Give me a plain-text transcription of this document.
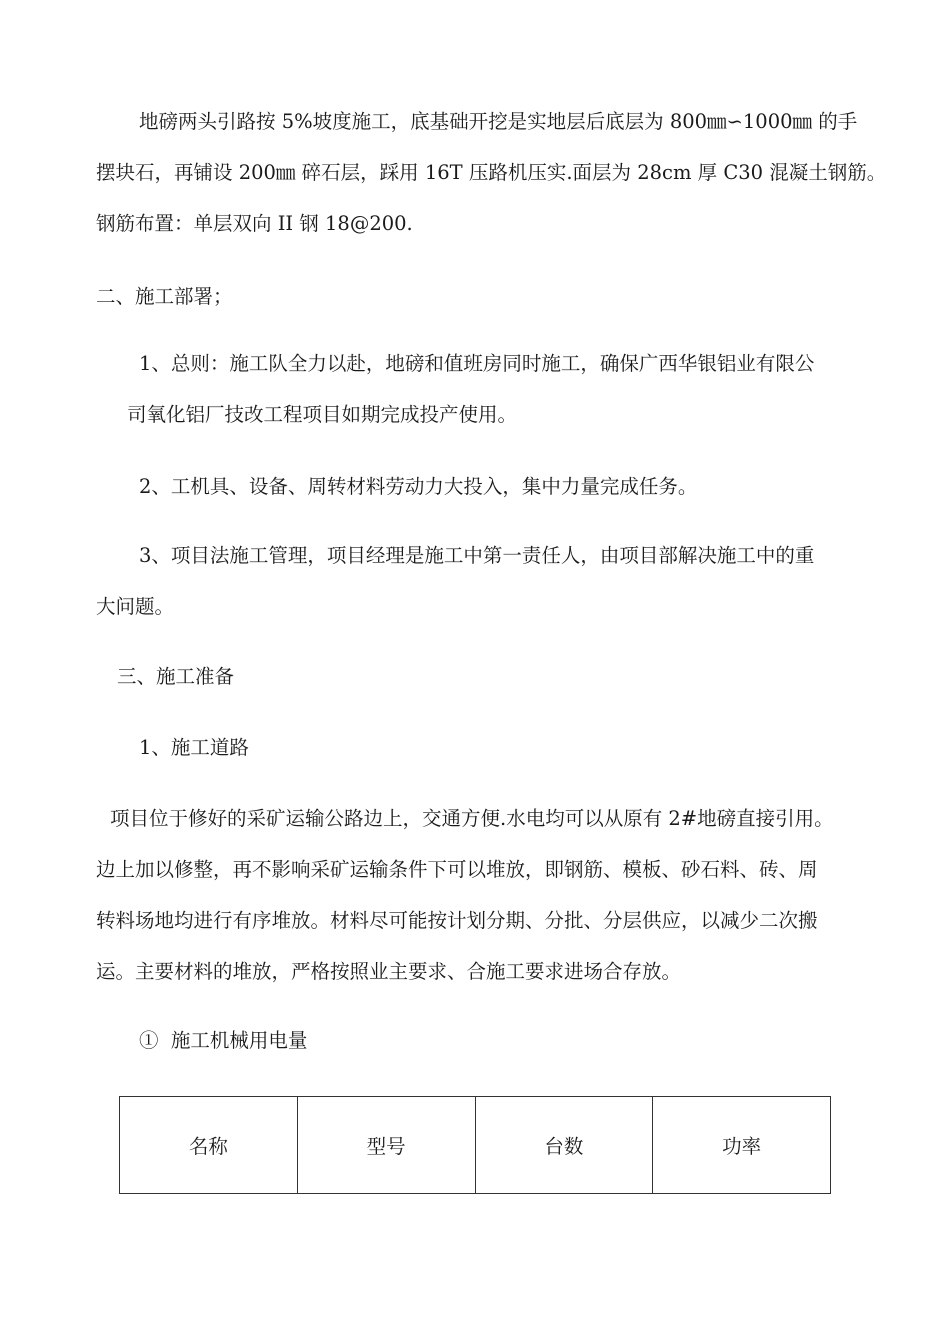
地磅两头引路按 5%坡度施工，底基础开挖是实地层后底层为 800㎜∽1000㎜ 的手
摆块石，再铺设 200㎜ 碎石层，踩用 16T 压路机压实.面层为 28cm 厚 C30 混凝土钢筋。
钢筋布置：单层双向 II 钢 18@200.
二、施工部署；
1、总则：施工队全力以赴，地磅和值班房同时施工，确保广西华银铝业有限公
司氧化铝厂技改工程项目如期完成投产使用。
2、工机具、设备、周转材料劳动力大投入，集中力量完成任务。
3、项目法施工管理，项目经理是施工中第一责任人，由项目部解决施工中的重
大问题。
三、施工准备
1、施工道路
项目位于修好的采矿运输公路边上，交通方便.水电均可以从原有 2#地磅直接引用。
边上加以修整，再不影响采矿运输条件下可以堆放，即钢筋、模板、砂石料、砖、周
转料场地均进行有序堆放。材料尽可能按计划分期、分批、分层供应，以减少二次搬
运。主要材料的堆放，严格按照业主要求、合施工要求进场合存放。
①  施工机械用电量
名称	型号	台数	功率
